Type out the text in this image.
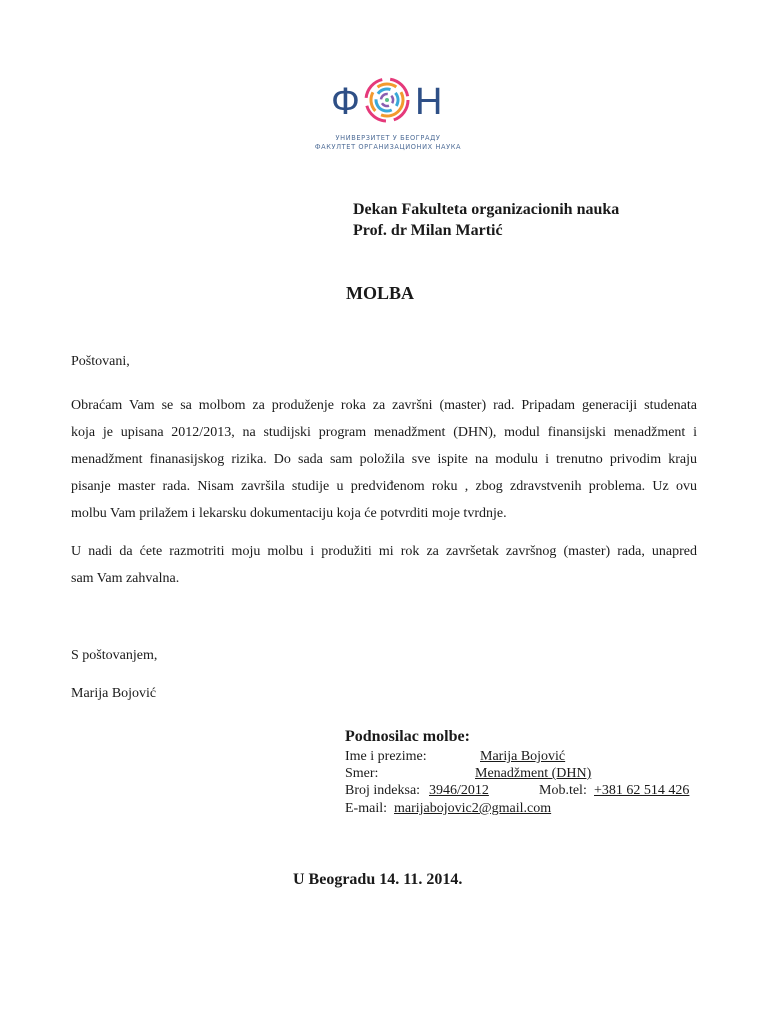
Ф Н
УНИВЕРЗИТЕТ У БЕОГРАДУ
ФАКУЛТЕТ ОРГАНИЗАЦИОНИХ НАУКА
Dekan Fakulteta organizacionih nauka
Prof. dr Milan Martić
MOLBA
Poštovani,
Obraćam Vam se sa molbom za produženje roka za završni (master) rad. Pripadam generaciji studenata
koja je upisana 2012/2013, na studijski program menadžment (DHN), modul finansijski menadžment i
menadžment finanasijskog rizika. Do sada sam položila sve ispite na modulu i trenutno privodim kraju
pisanje master rada. Nisam završila studije u predviđenom roku , zbog zdravstvenih problema. Uz ovu
molbu Vam prilažem i lekarsku dokumentaciju koja će potvrditi moje tvrdnje.
U nadi da ćete razmotriti moju molbu i produžiti mi rok za završetak završnog (master) rada, unapred
sam Vam zahvalna.
S poštovanjem,
Marija Bojović
Podnosilac molbe:
Ime i prezime:	Marija Bojović
Smer:	Menadžment (DHN)
Broj indeksa: 3946/2012	Mob.tel: +381 62 514 426
E-mail: marijabojovic2@gmail.com
U Beogradu 14. 11. 2014.
